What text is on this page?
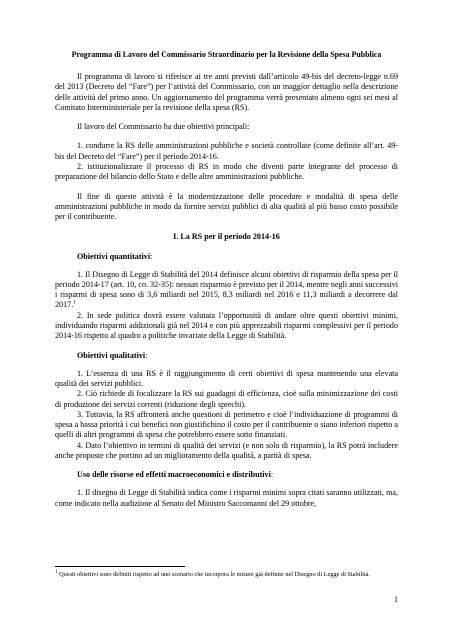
Programma di Lavoro del Commissario Straordinario per la Revisione della Spesa Pubblica

Il programma di lavoro si riferisce ai tre anni previsti dall’articolo 49-bis del decreto-legge n.69 del 2013 (Decreto del “Fare”) per l’attività del Commissario, con un maggior dettaglio nella descrizione delle attività del primo anno. Un aggiornamento del programma verrà presentato almeno ogni sei mesi al Comitato Interministeriale per la revisione della spesa (RS).

Il lavoro del Commissario ha due obiettivi principali:

1. condurre la RS delle amministrazioni pubbliche e società controllate (come definite all’art. 49-bis del Decreto del “Fare”) per il periodo 2014-16.

2. istituzionalizzare il processo di RS in modo che diventi parte integrante del processo di preparazione del bilancio dello Stato e delle altre amministrazioni pubbliche.

Il fine di queste attività è la modernizzazione delle procedure e modalità di spesa delle amministrazioni pubbliche in modo da fornire servizi pubblici di alta qualità al più basso costo possibile per il contribuente.

I. La RS per il periodo 2014-16

Obiettivi quantitativi:

1. Il Disegno di Legge di Stabilità del 2014 definisce alcuni obiettivi di risparmio della spesa per il periodo 2014-17 (art. 10, co. 32-35): nessun risparmio è previsto per il 2014, mentre negli anni successivi i risparmi di spesa sono di 3,6 miliardi nel 2015, 8,3 miliardi nel 2016 e 11,3 miliardi a decorrere dal 2017.$^1$

2. In sede politica dovrà essere valutata l’opportunità di andare oltre questi obiettivi minimi, individuando risparmi addizionali già nel 2014 e con più apprezzabili risparmi complessivi per il periodo 2014-16 rispetto al quadro a politiche invariate della Legge di Stabilità.

Obiettivi qualitativi:

1. L’essenza di una RS è il raggiungimento di certi obiettivi di spesa mantenendo una elevata qualità dei servizi pubblici.

2. Ciò richiede di focalizzare la RS sui guadagni di efficienza, cioè sulla minimizzazione dei costi di produzione dei servizi correnti (riduzione degli sprechi).

3. Tuttavia, la RS affronterà anche questioni di perimetro e cioè l’individuazione di programmi di spesa a bassa priorità i cui benefici non giustifichino il costo per il contribuente o siano inferiori rispetto a quelli di altri programmi di spesa che potrebbero essere sotto finanziati.

4. Dato l’obiettivo in termini di qualità dei servizi (e non solo di risparmio), la RS potrà includere anche proposte che portino ad un miglioramento della qualità, a parità di spesa.

Uso delle risorse ed effetti macroeconomici e distributivi:

1. Il disegno di Legge di Stabilità indica come i risparmi minimi sopra citati saranno utilizzati, ma, come indicato nella audizione al Senato del Ministro Saccomanni del 29 ottobre,

$^1$ Questi obiettivi sono definiti rispetto ad uno scenario che incorpora le misure già definite nel Disegno di Legge di Stabilità.

1
